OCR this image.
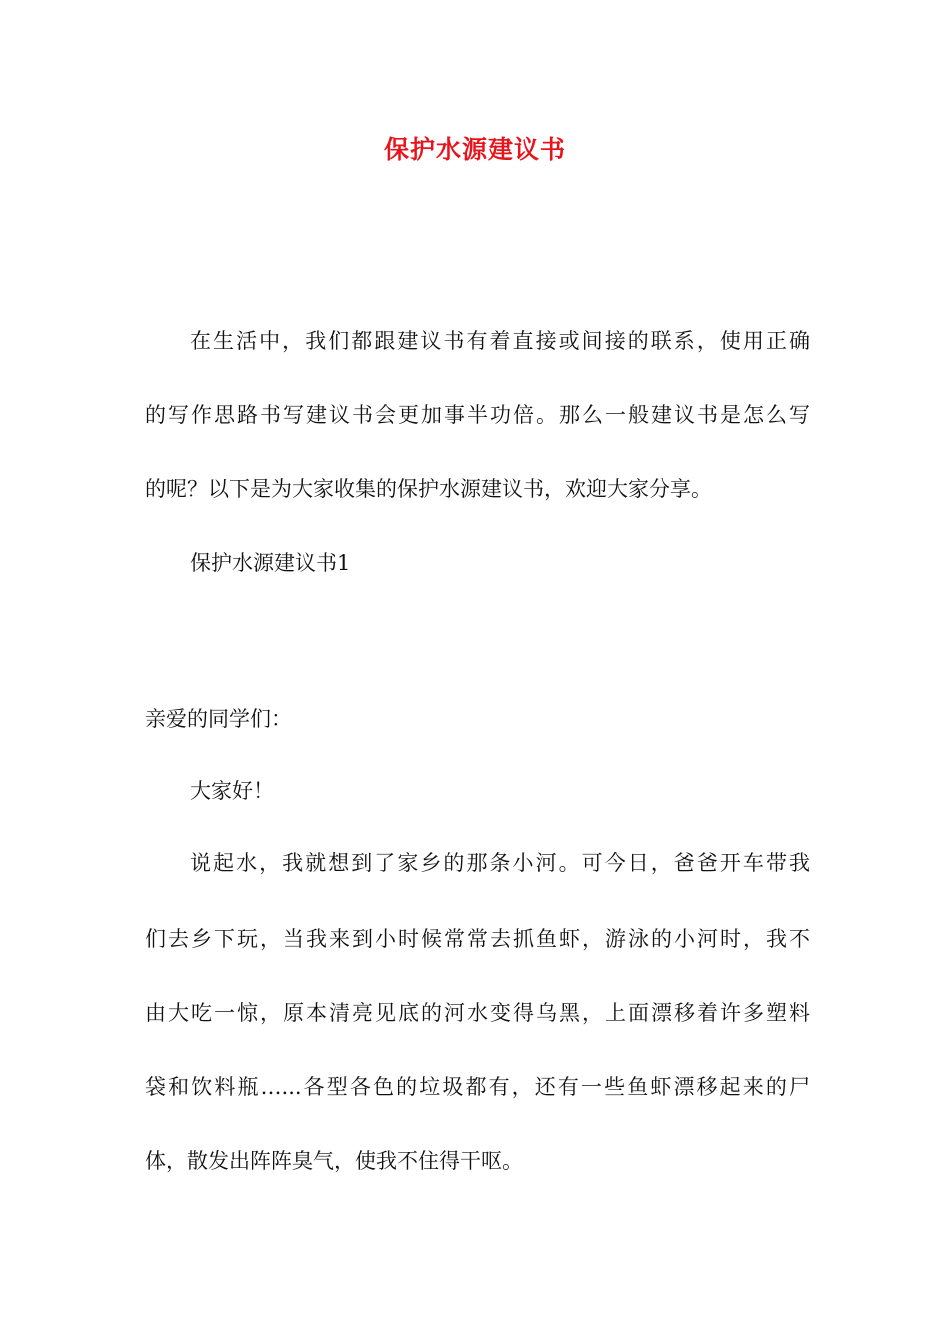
保护水源建议书
在生活中，我们都跟建议书有着直接或间接的联系，使用正确
的写作思路书写建议书会更加事半功倍。那么一般建议书是怎么写
的呢？以下是为大家收集的保护水源建议书，欢迎大家分享。
保护水源建议书1
亲爱的同学们：
大家好！
说起水，我就想到了家乡的那条小河。可今日，爸爸开车带我
们去乡下玩，当我来到小时候常常去抓鱼虾，游泳的小河时，我不
由大吃一惊，原本清亮见底的河水变得乌黑，上面漂移着许多塑料
袋和饮料瓶…...各型各色的垃圾都有，还有一些鱼虾漂移起来的尸
体，散发出阵阵臭气，使我不住得干呕。
